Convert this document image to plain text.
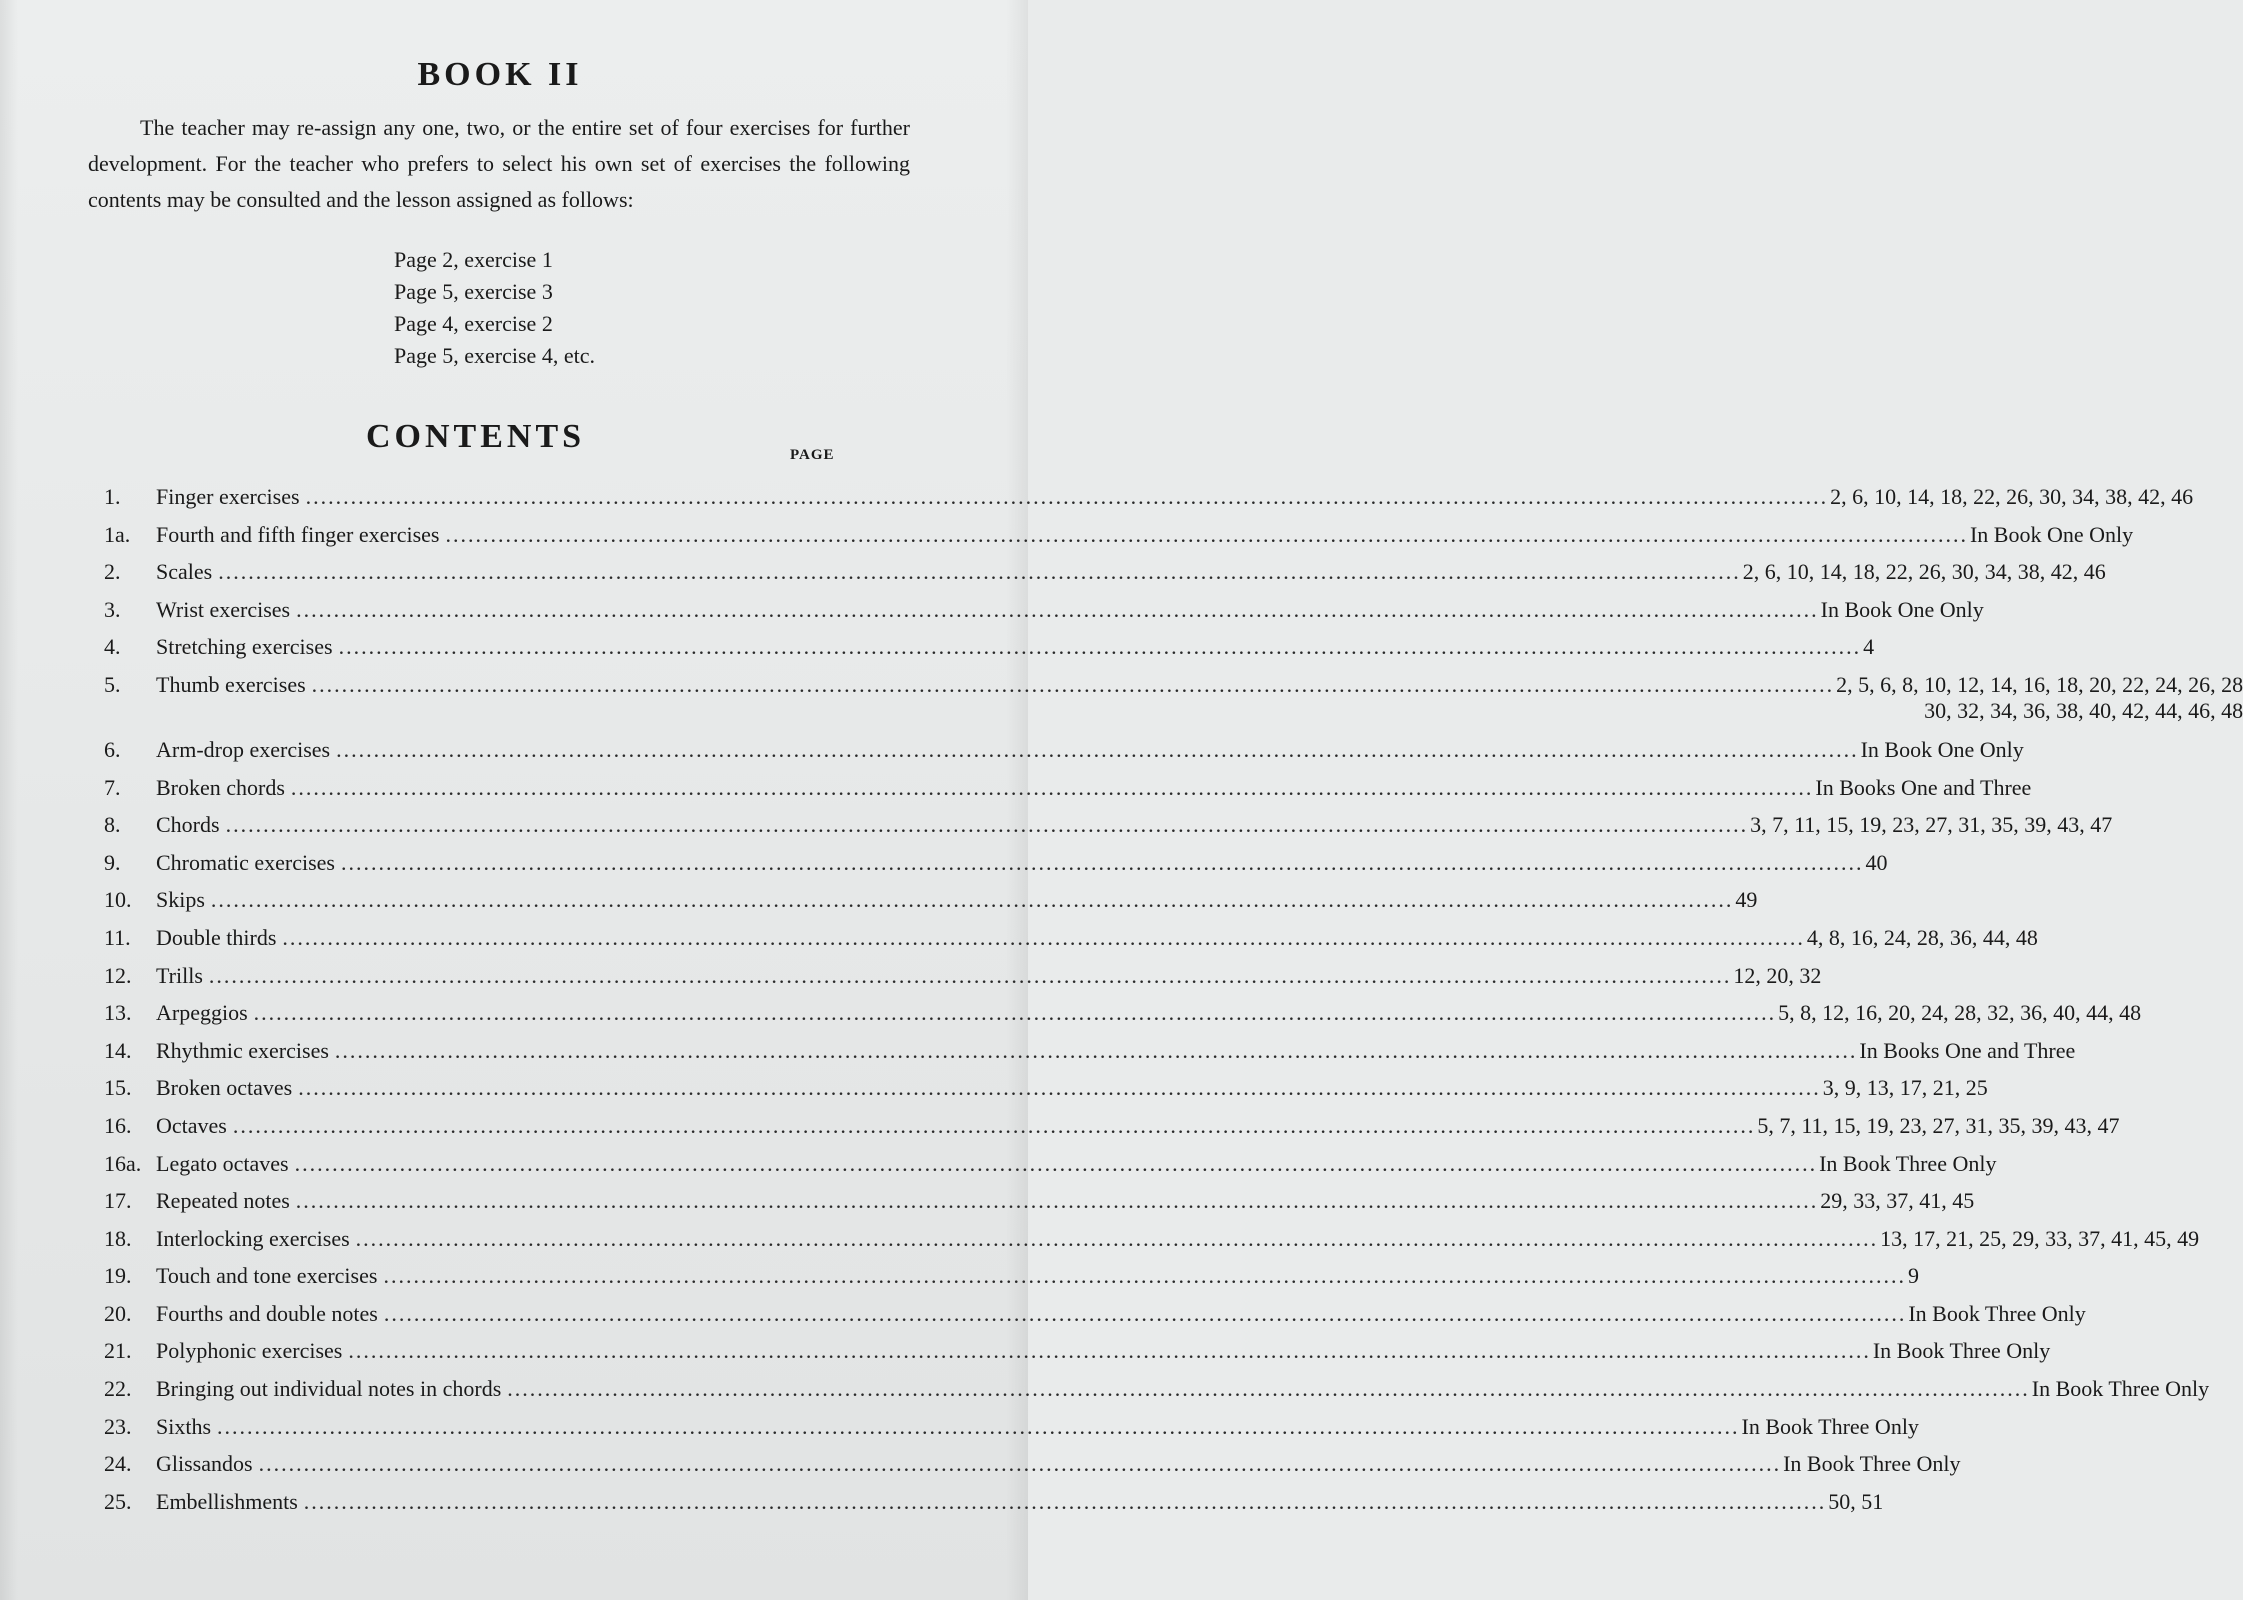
BOOK II
The teacher may re-assign any one, two, or the entire set of four exercises for further development. For the teacher who prefers to select his own set of exercises the following contents may be consulted and the lesson assigned as follows:
Page 2, exercise 1
Page 5, exercise 3
Page 4, exercise 2
Page 5, exercise 4, etc.
CONTENTS	PAGE
1.	Finger exercises .....	2, 6, 10, 14, 18, 22, 26, 30, 34, 38, 42, 46
1a.	Fourth and fifth finger exercises .....	In Book One Only
2.	Scales .....	2, 6, 10, 14, 18, 22, 26, 30, 34, 38, 42, 46
3.	Wrist exercises .....	In Book One Only
4.	Stretching exercises .....	4
5.	Thumb exercises .....	2, 5, 6, 8, 10, 12, 14, 16, 18, 20, 22, 24, 26, 28
30, 32, 34, 36, 38, 40, 42, 44, 46, 48
6.	Arm-drop exercises .....	In Book One Only
7.	Broken chords .....	In Books One and Three
8.	Chords .....	3, 7, 11, 15, 19, 23, 27, 31, 35, 39, 43, 47
9.	Chromatic exercises .....	40
10.	Skips .....	49
11.	Double thirds .....	4, 8, 16, 24, 28, 36, 44, 48
12.	Trills .....	12, 20, 32
13.	Arpeggios .....	5, 8, 12, 16, 20, 24, 28, 32, 36, 40, 44, 48
14.	Rhythmic exercises .....	In Books One and Three
15.	Broken octaves .....	3, 9, 13, 17, 21, 25
16.	Octaves .....	5, 7, 11, 15, 19, 23, 27, 31, 35, 39, 43, 47
16a. Legato octaves .....	In Book Three Only
17.	Repeated notes .....	29, 33, 37, 41, 45
18.	Interlocking exercises .....	13, 17, 21, 25, 29, 33, 37, 41, 45, 49
19.	Touch and tone exercises .....	9
20.	Fourths and double notes .....	In Book Three Only
21.	Polyphonic exercises .....	In Book Three Only
22.	Bringing out individual notes in chords .....	In Book Three Only
23.	Sixths .....	In Book Three Only
24.	Glissandos .....	In Book Three Only
25.	Embellishments .....	50, 51
